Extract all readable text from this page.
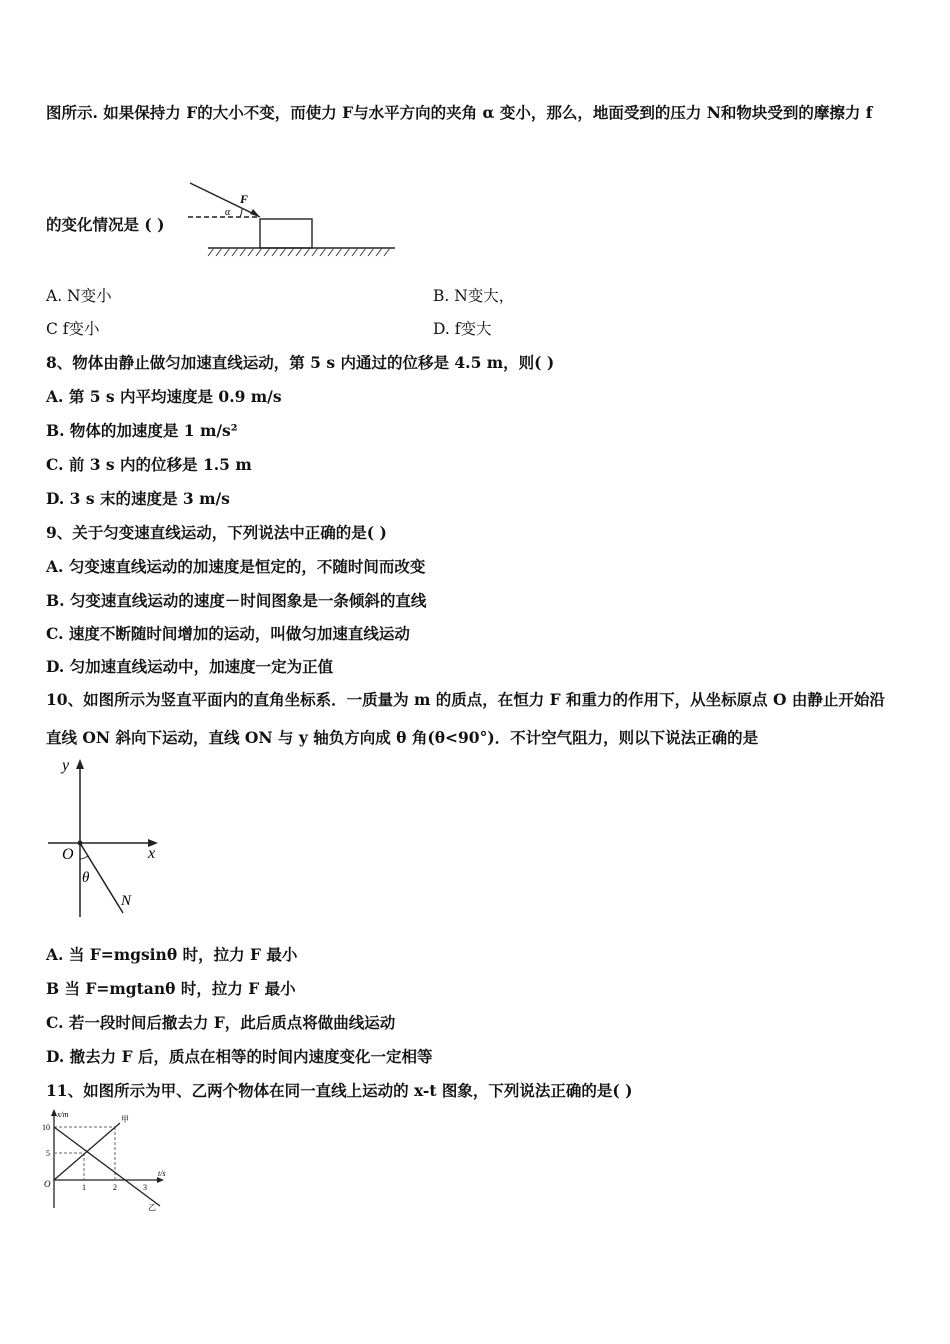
图所示. 如果保持力 F的大小不变，而使力 F与水平方向的夹角 α 变小，那么，地面受到的压力 N和物块受到的摩擦力 f
的变化情况是 ( )
F
α
A. N变小	B. N变大，
C f变小	D. f变大
8、物体由静止做匀加速直线运动，第 5 s 内通过的位移是 4.5 m，则( )
A. 第 5 s 内平均速度是 0.9 m/s
B. 物体的加速度是 1 m/s²
C. 前 3 s 内的位移是 1.5 m
D. 3 s 末的速度是 3 m/s
9、关于匀变速直线运动，下列说法中正确的是( )
A. 匀变速直线运动的加速度是恒定的，不随时间而改变
B. 匀变速直线运动的速度－时间图象是一条倾斜的直线
C. 速度不断随时间增加的运动，叫做匀加速直线运动
D. 匀加速直线运动中，加速度一定为正值
10、如图所示为竖直平面内的直角坐标系．一质量为 m 的质点，在恒力 F 和重力的作用下，从坐标原点 O 由静止开始沿
直线 ON 斜向下运动，直线 ON 与 y 轴负方向成 θ 角(θ<90°)．不计空气阻力，则以下说法正确的是
y
x
O
θ
N
A. 当 F=mgsinθ 时，拉力 F 最小
B 当 F=mgtanθ 时，拉力 F 最小
C. 若一段时间后撤去力 F，此后质点将做曲线运动
D. 撤去力 F 后，质点在相等的时间内速度变化一定相等
11、如图所示为甲、乙两个物体在同一直线上运动的 x-t 图象，下列说法正确的是( )
x/m
t/s
10
5
O	1	2	3
甲
乙
